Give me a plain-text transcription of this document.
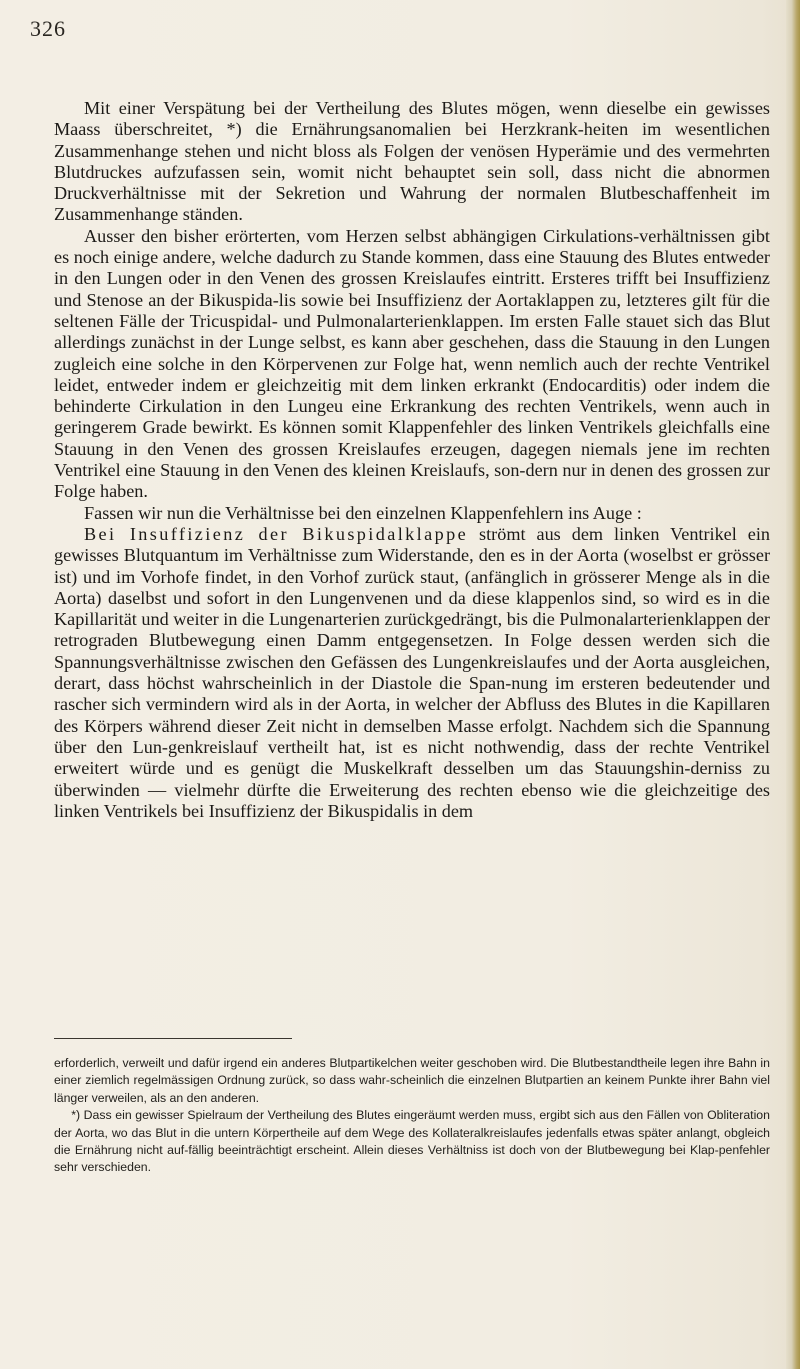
326

Mit einer Verspätung bei der Vertheilung des Blutes mögen, wenn dieselbe ein gewisses Maass überschreitet, *) die Ernährungsanomalien bei Herzkrank-heiten im wesentlichen Zusammenhange stehen und nicht bloss als Folgen der venösen Hyperämie und des vermehrten Blutdruckes aufzufassen sein, womit nicht behauptet sein soll, dass nicht die abnormen Druckverhältnisse mit der Sekretion und Wahrung der normalen Blutbeschaffenheit im Zusammenhange ständen.

Ausser den bisher erörterten, vom Herzen selbst abhängigen Cirkulations-verhältnissen gibt es noch einige andere, welche dadurch zu Stande kommen, dass eine Stauung des Blutes entweder in den Lungen oder in den Venen des grossen Kreislaufes eintritt. Ersteres trifft bei Insuffizienz und Stenose an der Bikuspida-lis sowie bei Insuffizienz der Aortaklappen zu, letzteres gilt für die seltenen Fälle der Tricuspidal- und Pulmonalarterienklappen. Im ersten Falle stauet sich das Blut allerdings zunächst in der Lunge selbst, es kann aber geschehen, dass die Stauung in den Lungen zugleich eine solche in den Körpervenen zur Folge hat, wenn nemlich auch der rechte Ventrikel leidet, entweder indem er gleichzeitig mit dem linken erkrankt (Endocarditis) oder indem die behinderte Cirkulation in den Lungeu eine Erkrankung des rechten Ventrikels, wenn auch in geringerem Grade bewirkt. Es können somit Klappenfehler des linken Ventrikels gleichfalls eine Stauung in den Venen des grossen Kreislaufes erzeugen, dagegen niemals jene im rechten Ventrikel eine Stauung in den Venen des kleinen Kreislaufs, son-dern nur in denen des grossen zur Folge haben.

Fassen wir nun die Verhältnisse bei den einzelnen Klappenfehlern ins Auge :

Bei Insuffizienz der Bikuspidalklappe strömt aus dem linken Ventrikel ein gewisses Blutquantum im Verhältnisse zum Widerstande, den es in der Aorta (woselbst er grösser ist) und im Vorhofe findet, in den Vorhof zurück staut, (anfänglich in grösserer Menge als in die Aorta) daselbst und sofort in den Lungenvenen und da diese klappenlos sind, so wird es in die Kapillarität und weiter in die Lungenarterien zurückgedrängt, bis die Pulmonalarterienklappen der retrograden Blutbewegung einen Damm entgegensetzen. In Folge dessen werden sich die Spannungsverhältnisse zwischen den Gefässen des Lungenkreislaufes und der Aorta ausgleichen, derart, dass höchst wahrscheinlich in der Diastole die Span-nung im ersteren bedeutender und rascher sich vermindern wird als in der Aorta, in welcher der Abfluss des Blutes in die Kapillaren des Körpers während dieser Zeit nicht in demselben Masse erfolgt. Nachdem sich die Spannung über den Lun-genkreislauf vertheilt hat, ist es nicht nothwendig, dass der rechte Ventrikel erweitert würde und es genügt die Muskelkraft desselben um das Stauungshin-derniss zu überwinden — vielmehr dürfte die Erweiterung des rechten ebenso wie die gleichzeitige des linken Ventrikels bei Insuffizienz der Bikuspidalis in dem

erforderlich, verweilt und dafür irgend ein anderes Blutpartikelchen weiter geschoben wird. Die Blutbestandtheile legen ihre Bahn in einer ziemlich regelmässigen Ordnung zurück, so dass wahr-scheinlich die einzelnen Blutpartien an keinem Punkte ihrer Bahn viel länger verweilen, als an den anderen.

*) Dass ein gewisser Spielraum der Vertheilung des Blutes eingeräumt werden muss, ergibt sich aus den Fällen von Obliteration der Aorta, wo das Blut in die untern Körpertheile auf dem Wege des Kollateralkreislaufes jedenfalls etwas später anlangt, obgleich die Ernährung nicht auf-fällig beeinträchtigt erscheint. Allein dieses Verhältniss ist doch von der Blutbewegung bei Klap-penfehler sehr verschieden.
